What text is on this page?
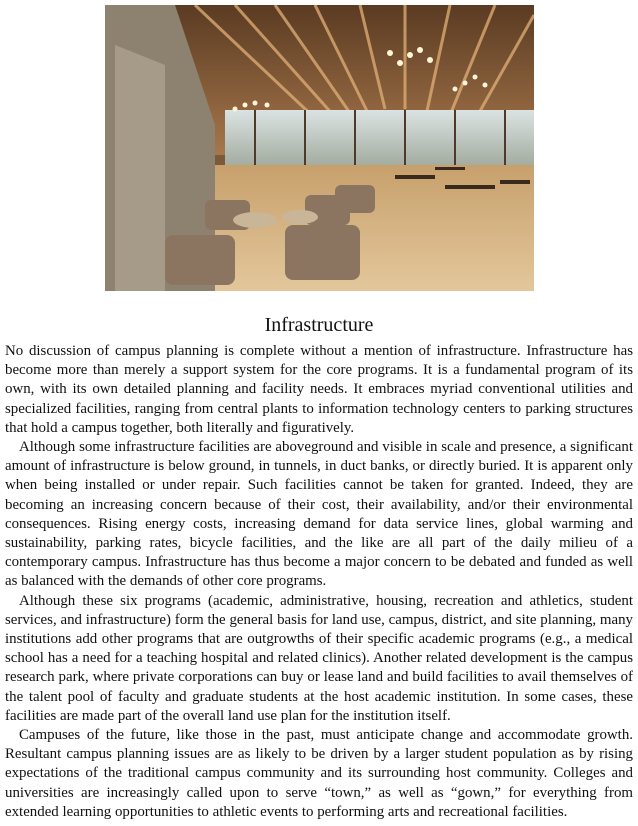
Infrastructure

No discussion of campus planning is complete without a mention of infrastructure. Infrastructure has become more than merely a support system for the core programs. It is a fundamental program of its own, with its own detailed planning and facility needs. It embraces myriad conventional utilities and specialized facilities, ranging from central plants to information technology centers to parking structures that hold a campus together, both literally and figuratively.

Although some infrastructure facilities are aboveground and visible in scale and presence, a significant amount of infrastructure is below ground, in tunnels, in duct banks, or directly buried. It is apparent only when being installed or under repair. Such facilities cannot be taken for granted. Indeed, they are becoming an increasing concern because of their cost, their availability, and/or their environmental consequences. Rising energy costs, increasing demand for data service lines, global warming and sustainability, parking rates, bicycle facilities, and the like are all part of the daily milieu of a contemporary campus. Infrastructure has thus become a major concern to be debated and funded as well as balanced with the demands of other core programs.

Although these six programs (academic, administrative, housing, recreation and athletics, student services, and infrastructure) form the general basis for land use, campus, district, and site planning, many institutions add other programs that are outgrowths of their specific academic programs (e.g., a medical school has a need for a teaching hospital and related clinics). Another related development is the campus research park, where private corporations can buy or lease land and build facilities to avail themselves of the talent pool of faculty and graduate students at the host academic institution. In some cases, these facilities are made part of the overall land use plan for the institution itself.

Campuses of the future, like those in the past, must anticipate change and accommodate growth. Resultant campus planning issues are as likely to be driven by a larger student population as by rising expectations of the traditional campus community and its surrounding host community. Colleges and universities are increasingly called upon to serve “town,” as well as “gown,” for everything from extended learning opportunities to athletic events to performing arts and recreational facilities.
